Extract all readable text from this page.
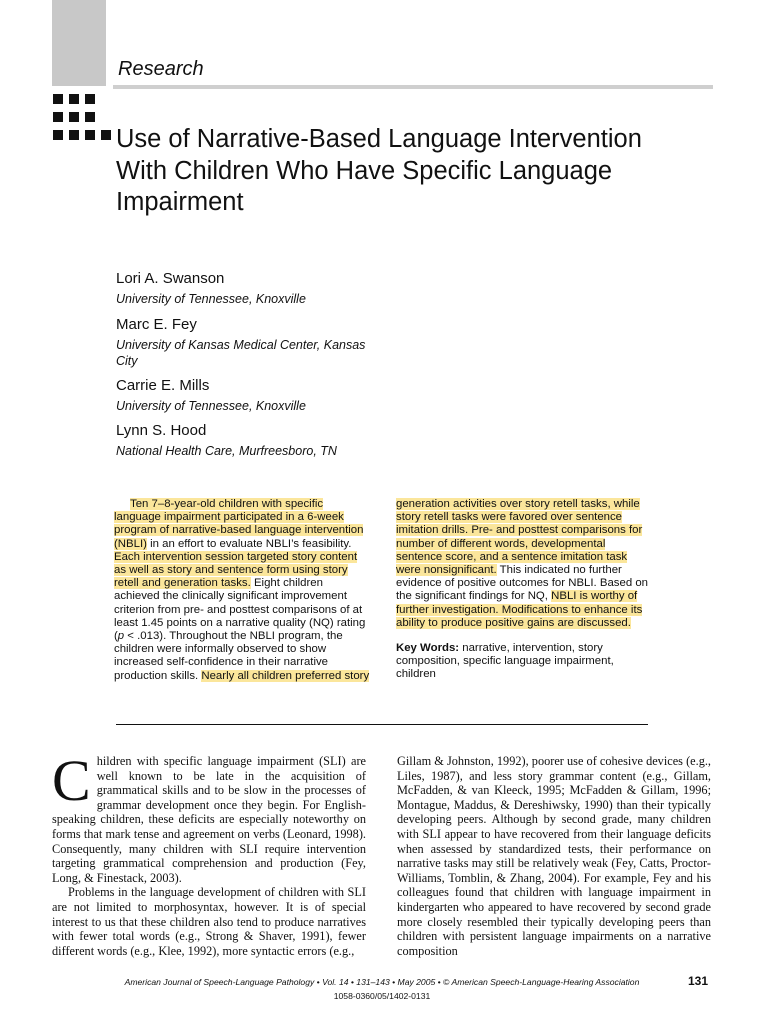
Research
Use of Narrative-Based Language Intervention With Children Who Have Specific Language Impairment
Lori A. Swanson
University of Tennessee, Knoxville
Marc E. Fey
University of Kansas Medical Center, Kansas City
Carrie E. Mills
University of Tennessee, Knoxville
Lynn S. Hood
National Health Care, Murfreesboro, TN

Ten 7–8-year-old children with specific language impairment participated in a 6-week program of narrative-based language intervention (NBLI) in an effort to evaluate NBLI’s feasibility. Each intervention session targeted story content as well as story and sentence form using story retell and generation tasks. Eight children achieved the clinically significant improvement criterion from pre- and posttest comparisons of at least 1.45 points on a narrative quality (NQ) rating (p < .013). Throughout the NBLI program, the children were informally observed to show increased self-confidence in their narrative production skills. Nearly all children preferred story

generation activities over story retell tasks, while story retell tasks were favored over sentence imitation drills. Pre- and posttest comparisons for number of different words, developmental sentence score, and a sentence imitation task were nonsignificant. This indicated no further evidence of positive outcomes for NBLI. Based on the significant findings for NQ, NBLI is worthy of further investigation. Modifications to enhance its ability to produce positive gains are discussed.

Key Words: narrative, intervention, story composition, specific language impairment, children

Children with specific language impairment (SLI) are well known to be late in the acquisition of grammatical skills and to be slow in the processes of grammar development once they begin. For English-speaking children, these deficits are especially noteworthy on forms that mark tense and agreement on verbs (Leonard, 1998). Consequently, many children with SLI require intervention targeting grammatical comprehension and production (Fey, Long, & Finestack, 2003).

Problems in the language development of children with SLI are not limited to morphosyntax, however. It is of special interest to us that these children also tend to produce narratives with fewer total words (e.g., Strong & Shaver, 1991), fewer different words (e.g., Klee, 1992), more syntactic errors (e.g.,

Gillam & Johnston, 1992), poorer use of cohesive devices (e.g., Liles, 1987), and less story grammar content (e.g., Gillam, McFadden, & van Kleeck, 1995; McFadden & Gillam, 1996; Montague, Maddus, & Dereshiwsky, 1990) than their typically developing peers. Although by second grade, many children with SLI appear to have recovered from their language deficits when assessed by standardized tests, their performance on narrative tasks may still be relatively weak (Fey, Catts, Proctor-Williams, Tomblin, & Zhang, 2004). For example, Fey and his colleagues found that children with language impairment in kindergarten who appeared to have recovered by second grade more closely resembled their typically developing peers than children with persistent language impairments on a narrative composition

American Journal of Speech-Language Pathology • Vol. 14 • 131–143 • May 2005 • © American Speech-Language-Hearing Association
1058-0360/05/1402-0131
131
